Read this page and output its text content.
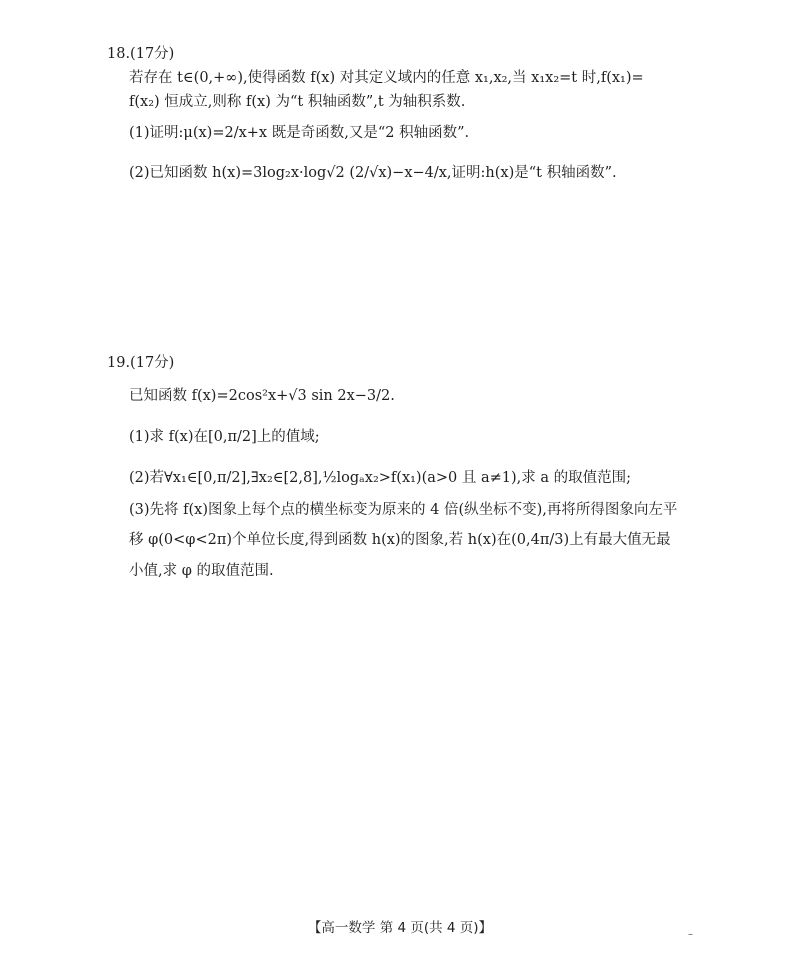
18.(17分)
若存在 t∈(0,+∞),使得函数 f(x) 对其定义域内的任意 x₁,x₂,当 x₁x₂=t 时,f(x₁)=
f(x₂) 恒成立,则称 f(x) 为“t 积轴函数”,t 为轴积系数.
(1)证明:μ(x)=2/x+x 既是奇函数,又是“2 积轴函数”.
(2)已知函数 h(x)=3log₂x·log√2 (2/√x)−x−4/x,证明:h(x)是“t 积轴函数”.
19.(17分)
已知函数 f(x)=2cos²x+√3 sin 2x−3/2.
(1)求 f(x)在[0,π/2]上的值域;
(2)若∀x₁∈[0,π/2],∃x₂∈[2,8],½logₐx₂>f(x₁)(a>0 且 a≠1),求 a 的取值范围;
(3)先将 f(x)图象上每个点的横坐标变为原来的 4 倍(纵坐标不变),再将所得图象向左平
移 φ(0<φ<2π)个单位长度,得到函数 h(x)的图象,若 h(x)在(0,4π/3)上有最大值无最
小值,求 φ 的取值范围.
【高一数学 第 4 页(共 4 页)】	–
